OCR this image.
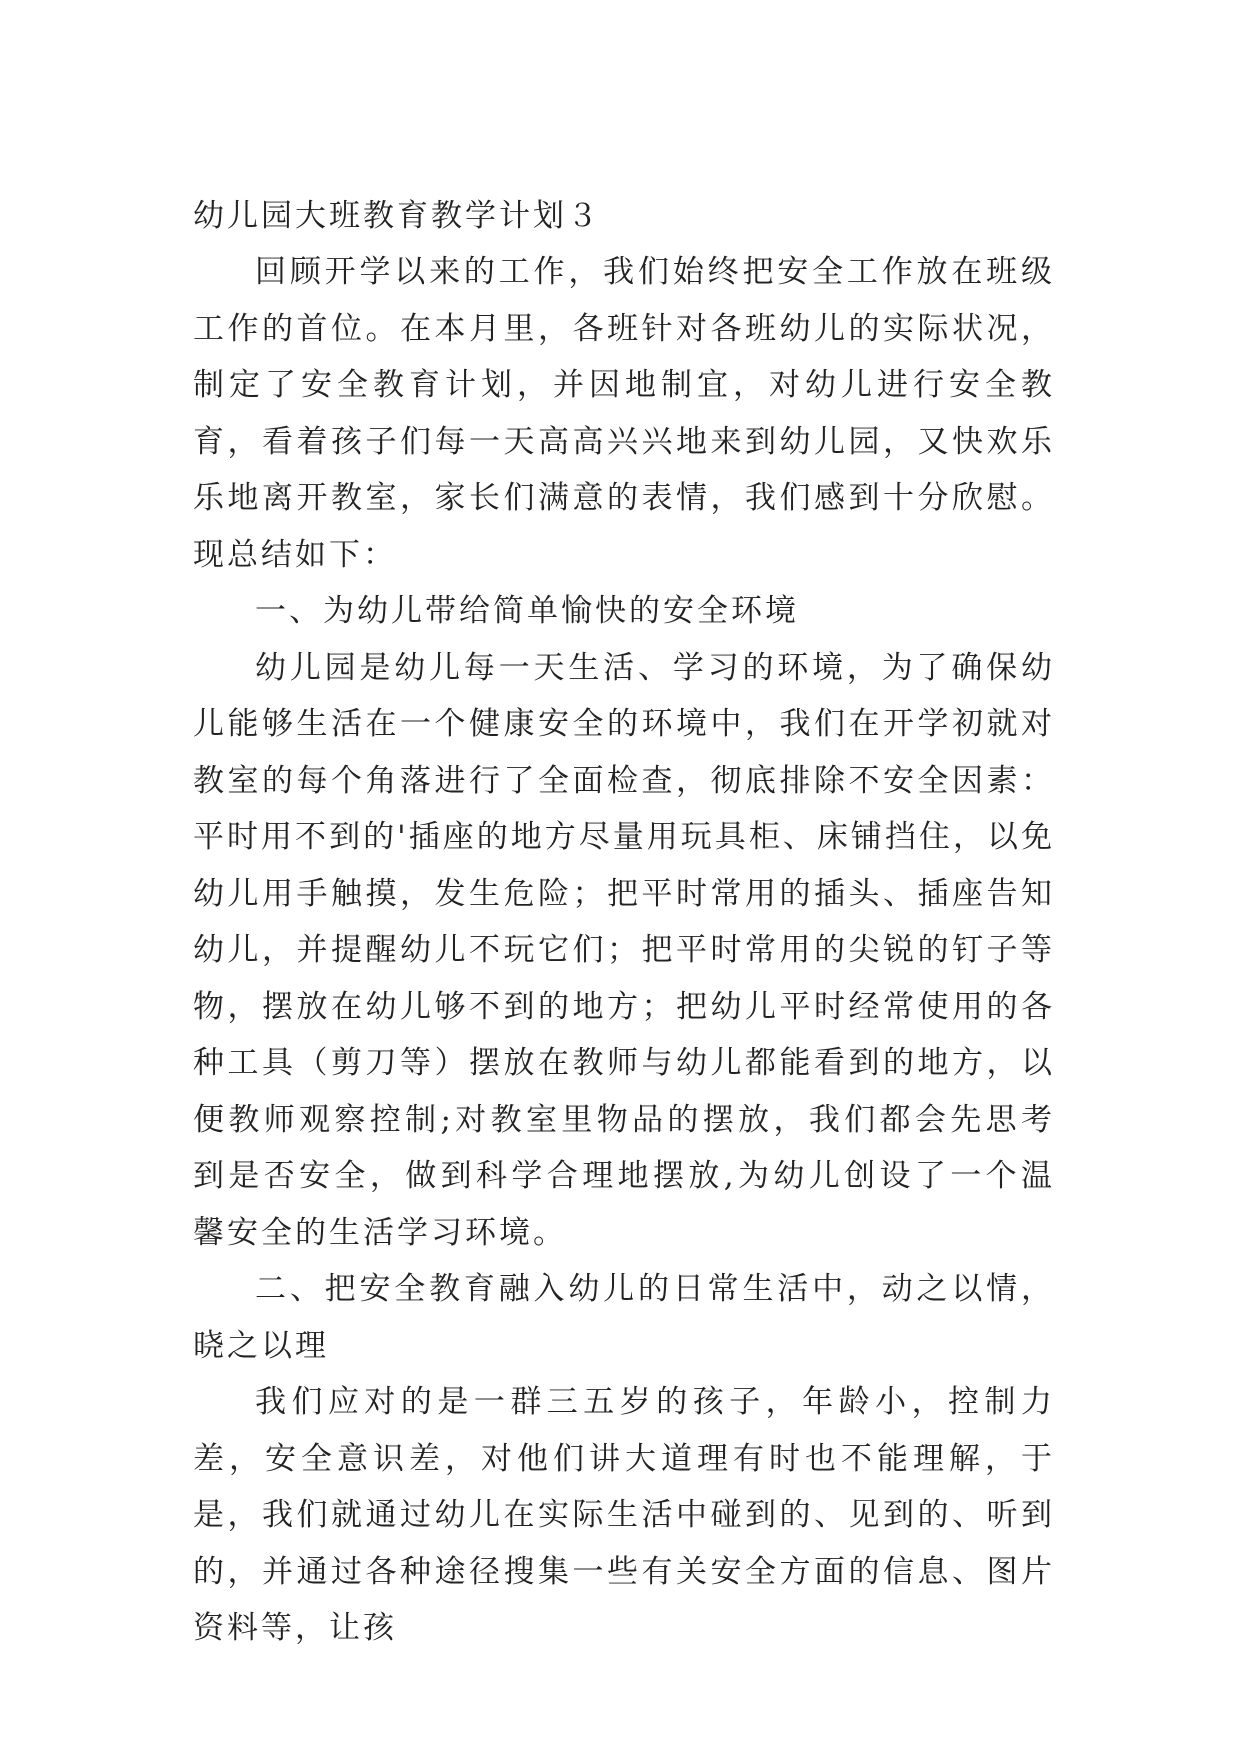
幼儿园大班教育教学计划３

回顾开学以来的工作，我们始终把安全工作放在班级工作的首位。在本月里，各班针对各班幼儿的实际状况，制定了安全教育计划，并因地制宜，对幼儿进行安全教育，看着孩子们每一天高高兴兴地来到幼儿园，又快欢乐乐地离开教室，家长们满意的表情，我们感到十分欣慰。现总结如下：

一、为幼儿带给简单愉快的安全环境

幼儿园是幼儿每一天生活、学习的环境，为了确保幼儿能够生活在一个健康安全的环境中，我们在开学初就对教室的每个角落进行了全面检查，彻底排除不安全因素：平时用不到的'插座的地方尽量用玩具柜、床铺挡住，以免幼儿用手触摸，发生危险；把平时常用的插头、插座告知幼儿，并提醒幼儿不玩它们；把平时常用的尖锐的钉子等物，摆放在幼儿够不到的地方；把幼儿平时经常使用的各种工具（剪刀等）摆放在教师与幼儿都能看到的地方，以便教师观察控制;对教室里物品的摆放，我们都会先思考到是否安全，做到科学合理地摆放,为幼儿创设了一个温馨安全的生活学习环境。

二、把安全教育融入幼儿的日常生活中，动之以情，晓之以理

我们应对的是一群三五岁的孩子，年龄小，控制力差，安全意识差，对他们讲大道理有时也不能理解，于是，我们就通过幼儿在实际生活中碰到的、见到的、听到的，并通过各种途径搜集一些有关安全方面的信息、图片资料等，让孩
